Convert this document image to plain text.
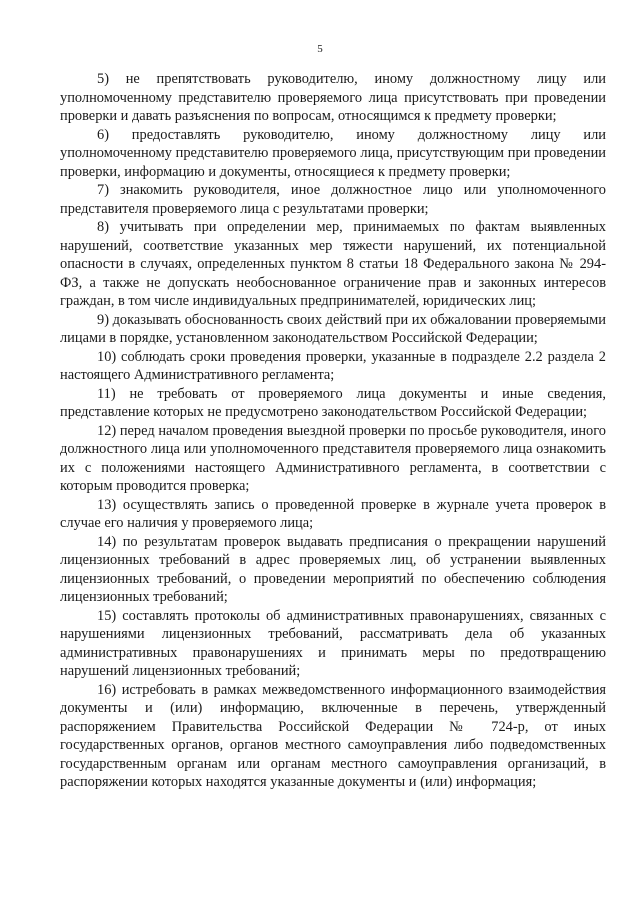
5

5) не препятствовать руководителю, иному должностному лицу или уполномоченному представителю проверяемого лица присутствовать при проведении проверки и давать разъяснения по вопросам, относящимся к предмету проверки;

6) предоставлять руководителю, иному должностному лицу или уполномоченному представителю проверяемого лица, присутствующим при проведении проверки, информацию и документы, относящиеся к предмету проверки;

7) знакомить руководителя, иное должностное лицо или уполномоченного представителя проверяемого лица с результатами проверки;

8) учитывать при определении мер, принимаемых по фактам выявленных нарушений, соответствие указанных мер тяжести нарушений, их потенциальной опасности в случаях, определенных пунктом 8 статьи 18 Федерального закона № 294-ФЗ, а также не допускать необоснованное ограничение прав и законных интересов граждан, в том числе индивидуальных предпринимателей, юридических лиц;

9) доказывать обоснованность своих действий при их обжаловании проверяемыми лицами в порядке, установленном законодательством Российской Федерации;

10) соблюдать сроки проведения проверки, указанные в подразделе 2.2 раздела 2 настоящего Административного регламента;

11) не требовать от проверяемого лица документы и иные сведения, представление которых не предусмотрено законодательством Российской Федерации;

12) перед началом проведения выездной проверки по просьбе руководителя, иного должностного лица или уполномоченного представителя проверяемого лица ознакомить их с положениями настоящего Административного регламента, в соответствии с которым проводится проверка;

13) осуществлять запись о проведенной проверке в журнале учета проверок в случае его наличия у проверяемого лица;

14) по результатам проверок выдавать предписания о прекращении нарушений лицензионных требований в адрес проверяемых лиц, об устранении выявленных лицензионных требований, о проведении мероприятий по обеспечению соблюдения лицензионных требований;

15) составлять протоколы об административных правонарушениях, связанных с нарушениями лицензионных требований, рассматривать дела об указанных административных правонарушениях и принимать меры по предотвращению нарушений лицензионных требований;

16) истребовать в рамках межведомственного информационного взаимодействия документы и (или) информацию, включенные в перечень, утвержденный распоряжением Правительства Российской Федерации № 724-р, от иных государственных органов, органов местного самоуправления либо подведомственных государственным органам или органам местного самоуправления организаций, в распоряжении которых находятся указанные документы и (или) информация;
